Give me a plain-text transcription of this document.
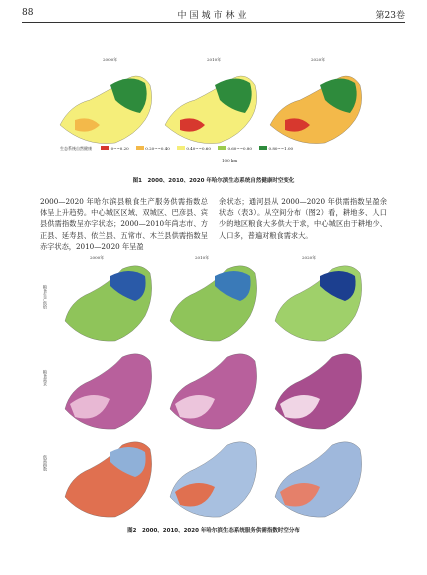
88	中国城市林业	第23卷
2000年	2010年	2020年
生态系统自然健康	0~~0.20	0.20~~0.40	0.40~~0.60	0.60~~0.80	0.80~~1.00
100 km
图1　2000、2010、2020 年哈尔滨生态系统自然健康时空变化

2000—2020 年哈尔滨县粮食生产服务供需指数总体呈上升趋势。中心城区区域、双城区、巴彦县、宾县供需指数呈亦字状态；2000—2010年尚志市、方正县、延寿县、依兰县、五常市、木兰县供需指数呈赤字状态，2010—2020 年呈盈

余状态；通河县从 2000—2020 年供需指数呈盈余状态（表3）。从空间分布（图2）看，耕地多、人口少的地区粮食大多供大于求，中心城区由于耕地少、人口多，普遍对粮食需求大。

2000年	2010年	2020年
粮食生产供给
粮食需求
供需指数
图2　2000、2010、2020 年哈尔滨生态系统服务供需指数时空分布
